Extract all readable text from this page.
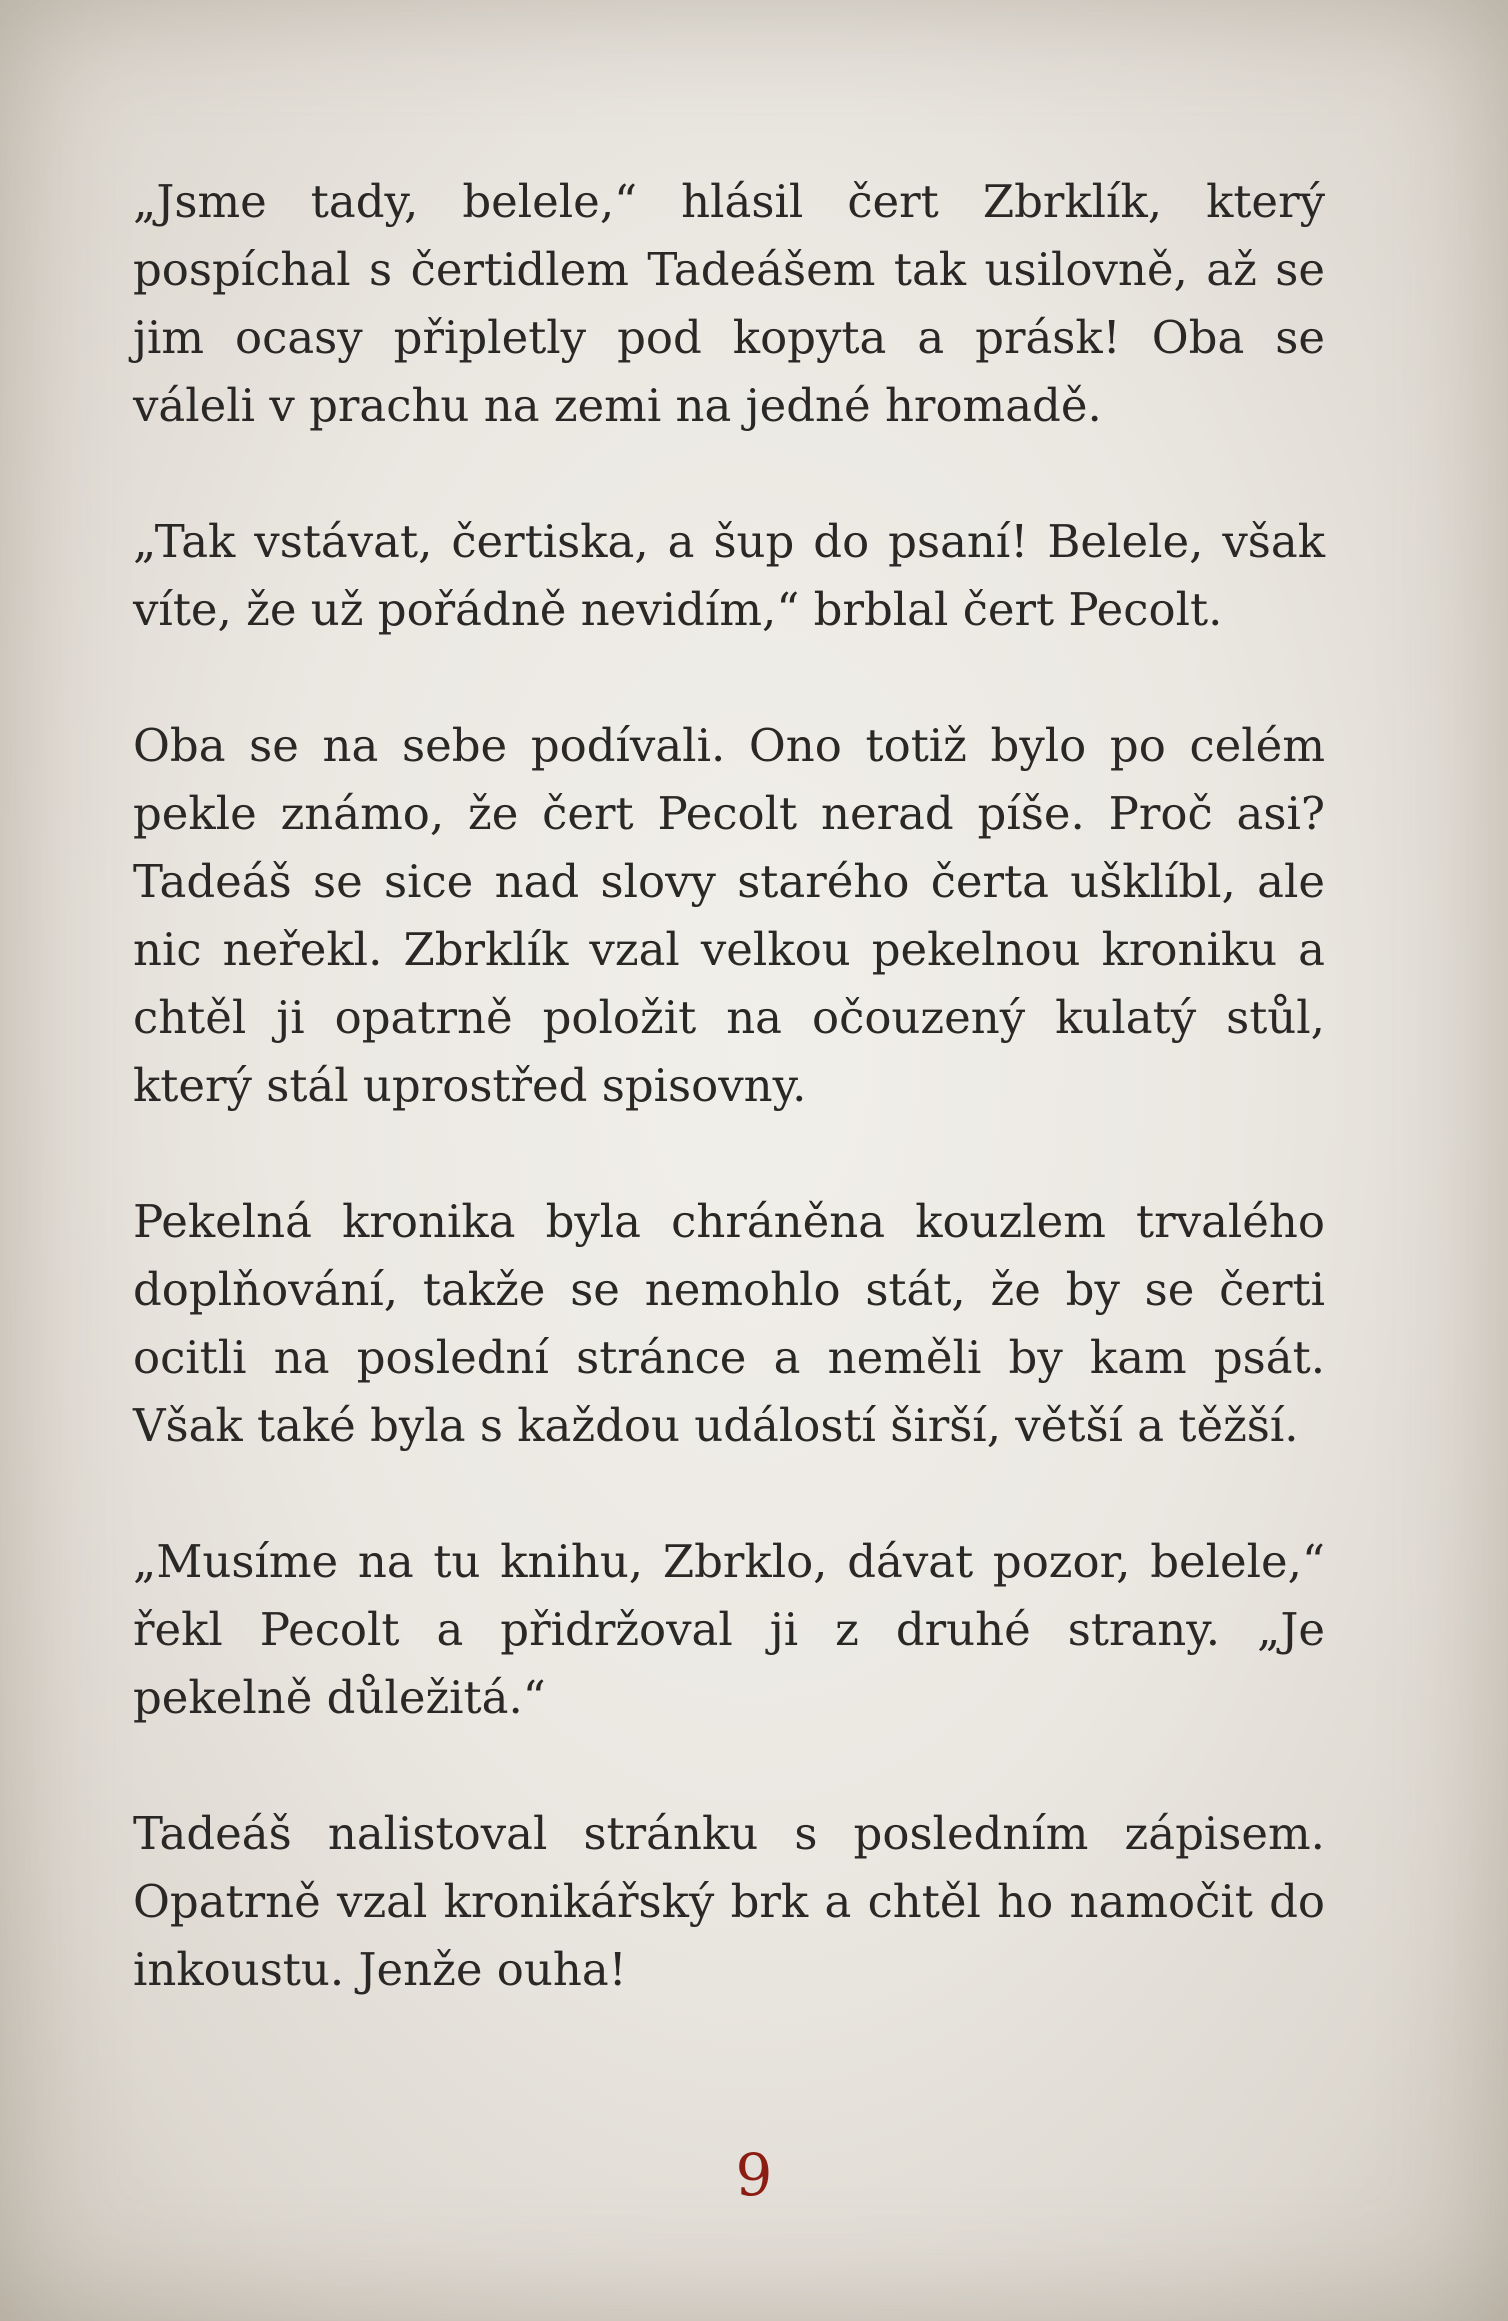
„Jsme tady, belele,“ hlásil čert Zbrklík, který pospíchal s čertidlem Tadeášem tak usilovně, až se jim ocasy připletly pod kopyta a prásk! Oba se váleli v prachu na zemi na jedné hromadě.

„Tak vstávat, čertiska, a šup do psaní! Belele, však víte, že už pořádně nevidím,“ brblal čert Pecolt.

Oba se na sebe podívali. Ono totiž bylo po celém pekle známo, že čert Pecolt nerad píše. Proč asi? Tadeáš se sice nad slovy starého čerta ušklíbl, ale nic neřekl. Zbrklík vzal velkou pekelnou kroniku a chtěl ji opatrně položit na očouzený kulatý stůl, který stál uprostřed spisovny.

Pekelná kronika byla chráněna kouzlem trvalého doplňování, takže se nemohlo stát, že by se čerti ocitli na poslední stránce a neměli by kam psát. Však také byla s každou událostí širší, větší a těžší.

„Musíme na tu knihu, Zbrklo, dávat pozor, belele,“ řekl Pecolt a přidržoval ji z druhé strany. „Je pekelně důležitá.“

Tadeáš nalistoval stránku s posledním zápisem. Opatrně vzal kronikářský brk a chtěl ho namočit do inkoustu. Jenže ouha!

9
